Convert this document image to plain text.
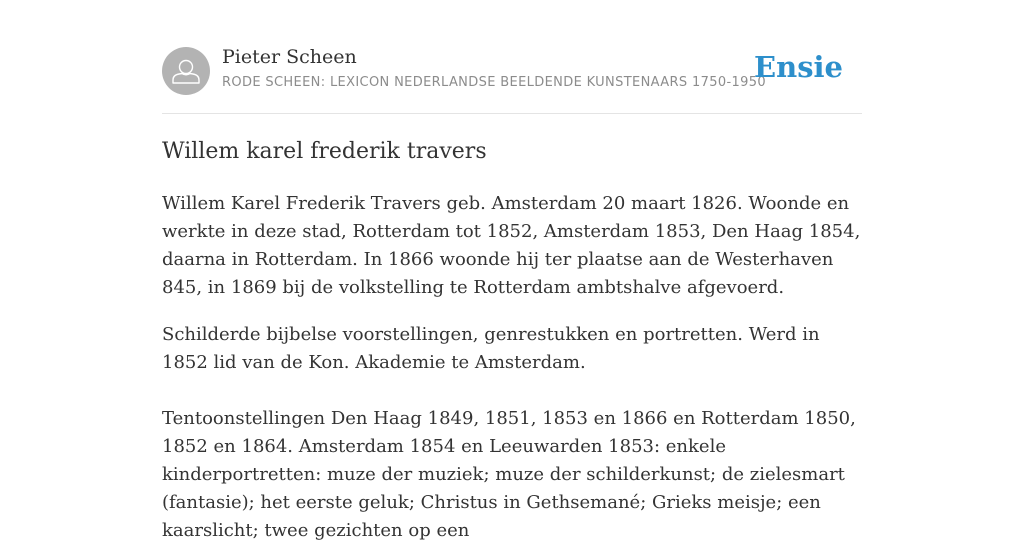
Pieter Scheen
RODE SCHEEN: LEXICON NEDERLANDSE BEELDENDE KUNSTENAARS 1750-1950
Ensie
Willem karel frederik travers

Willem Karel Frederik Travers geb. Amsterdam 20 maart 1826. Woonde en werkte in deze stad, Rotterdam tot 1852, Amsterdam 1853, Den Haag 1854, daarna in Rotterdam. In 1866 woonde hij ter plaatse aan de Westerhaven 845, in 1869 bij de volkstelling te Rotterdam ambtshalve afgevoerd.

Schilderde bijbelse voorstellingen, genrestukken en portretten. Werd in 1852 lid van de Kon. Akademie te Amsterdam.

Tentoonstellingen Den Haag 1849, 1851, 1853 en 1866 en Rotterdam 1850, 1852 en 1864. Amsterdam 1854 en Leeuwarden 1853: enkele kinderportretten: muze der muziek; muze der schilderkunst; de zielesmart (fantasie); het eerste geluk; Christus in Gethsemané; Grieks meisje; een kaarslicht; twee gezichten op een
